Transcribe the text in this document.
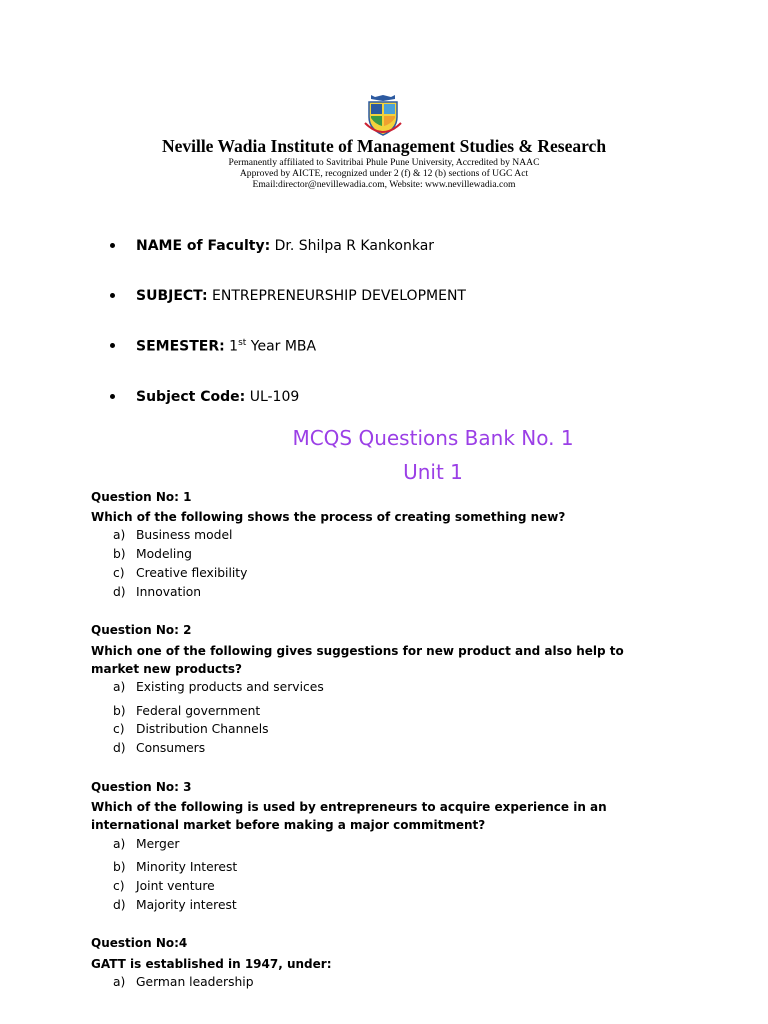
Neville Wadia Institute of Management Studies & Research
Permanently affiliated to Savitribai Phule Pune University, Accredited by NAAC
Approved by AICTE, recognized under 2 (f) & 12 (b) sections of UGC Act
Email:director@nevillewadia.com, Website: www.nevillewadia.com
NAME of Faculty: Dr. Shilpa R Kankonkar
SUBJECT: ENTREPRENEURSHIP DEVELOPMENT
SEMESTER: 1st Year MBA
Subject Code: UL-109
MCQS Questions Bank No. 1
Unit 1
Question No: 1
Which of the following shows the process of creating something new?
a) Business model
b) Modeling
c) Creative flexibility
d) Innovation
Question No: 2
Which one of the following gives suggestions for new product and also help to market new products?
a) Existing products and services
b) Federal government
c) Distribution Channels
d) Consumers
Question No: 3
Which of the following is used by entrepreneurs to acquire experience in an international market before making a major commitment?
a) Merger
b) Minority Interest
c) Joint venture
d) Majority interest
Question No:4
GATT is established in 1947, under:
a) German leadership
